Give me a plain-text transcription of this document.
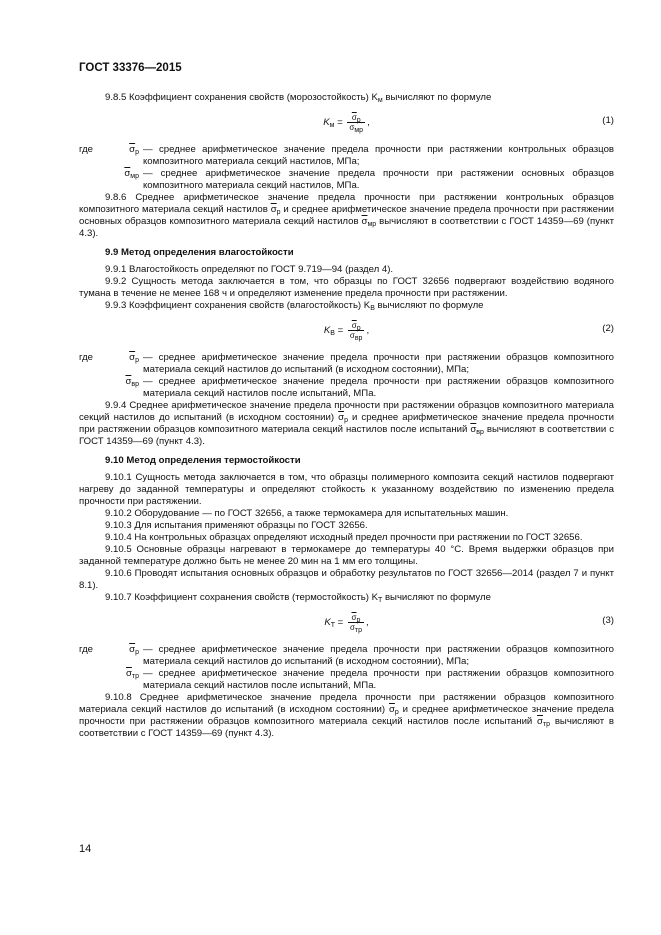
ГОСТ 33376—2015

9.8.5 Коэффициент сохранения свойств (морозостойкость) $K_м$ вычисляют по формуле

$K_м = \frac{\overline{\sigma}_р}{\overline{\sigma}_{мр}}$ ,	(1)
где	$\overline{\sigma}_р$	— среднее арифметическое значение предела прочности при растяжении контрольных образцов композитного материала секций настилов, МПа;
	$\overline{\sigma}_{мр}$	— среднее арифметическое значение предела прочности при растяжении основных образцов композитного материала секций настилов, МПа.

9.8.6 Среднее арифметическое значение предела прочности при растяжении контрольных образцов композитного материала секций настилов $\overline{\sigma}_р$ и среднее арифметическое значение предела прочности при растяжении основных образцов композитного материала секций настилов $\overline{\sigma}_{мр}$ вычисляют в соответствии с ГОСТ 14359—69 (пункт 4.3).

9.9 Метод определения влагостойкости

9.9.1 Влагостойкость определяют по ГОСТ 9.719—94 (раздел 4).

9.9.2 Сущность метода заключается в том, что образцы по ГОСТ 32656 подвергают воздействию водяного тумана в течение не менее 168 ч и определяют изменение предела прочности при растяжении.

9.9.3 Коэффициент сохранения свойств (влагостойкость) $K_В$ вычисляют по формуле

$K_В = \frac{\overline{\sigma}_р}{\overline{\sigma}_{вр}}$ ,	(2)
где	$\overline{\sigma}_р$	— среднее арифметическое значение предела прочности при растяжении образцов композитного материала секций настилов до испытаний (в исходном состоянии), МПа;
	$\overline{\sigma}_{вр}$	— среднее арифметическое значение предела прочности при растяжении образцов композитного материала секций настилов после испытаний, МПа.

9.9.4 Среднее арифметическое значение предела прочности при растяжении образцов композитного материала секций настилов до испытаний (в исходном состоянии) $\overline{\sigma}_р$ и среднее арифметическое значение предела прочности при растяжении образцов композитного материала секций настилов после испытаний $\overline{\sigma}_{вр}$ вычисляют в соответствии с ГОСТ 14359—69 (пункт 4.3).

9.10 Метод определения термостойкости

9.10.1 Сущность метода заключается в том, что образцы полимерного композита секций настилов подвергают нагреву до заданной температуры и определяют стойкость к указанному воздействию по изменению предела прочности при растяжении.

9.10.2 Оборудование — по ГОСТ 32656, а также термокамера для испытательных машин.

9.10.3 Для испытания применяют образцы по ГОСТ 32656.

9.10.4 На контрольных образцах определяют исходный предел прочности при растяжении по ГОСТ 32656.

9.10.5 Основные образцы нагревают в термокамере до температуры 40 °С. Время выдержки образцов при заданной температуре должно быть не менее 20 мин на 1 мм его толщины.

9.10.6 Проводят испытания основных образцов и обработку результатов по ГОСТ 32656—2014 (раздел 7 и пункт 8.1).

9.10.7 Коэффициент сохранения свойств (термостойкость) $K_Т$ вычисляют по формуле

$K_Т = \frac{\overline{\sigma}_р}{\overline{\sigma}_{тр}}$ ,	(3)
где	$\overline{\sigma}_р$	— среднее арифметическое значение предела прочности при растяжении образцов композитного материала секций настилов до испытаний (в исходном состоянии), МПа;
	$\overline{\sigma}_{тр}$	— среднее арифметическое значение предела прочности при растяжении образцов композитного материала секций настилов после испытаний, МПа.

9.10.8 Среднее арифметическое значение предела прочности при растяжении образцов композитного материала секций настилов до испытаний (в исходном состоянии) $\overline{\sigma}_р$ и среднее арифметическое значение предела прочности при растяжении образцов композитного материала секций настилов после испытаний $\overline{\sigma}_{тр}$ вычисляют в соответствии с ГОСТ 14359—69 (пункт 4.3).

14
